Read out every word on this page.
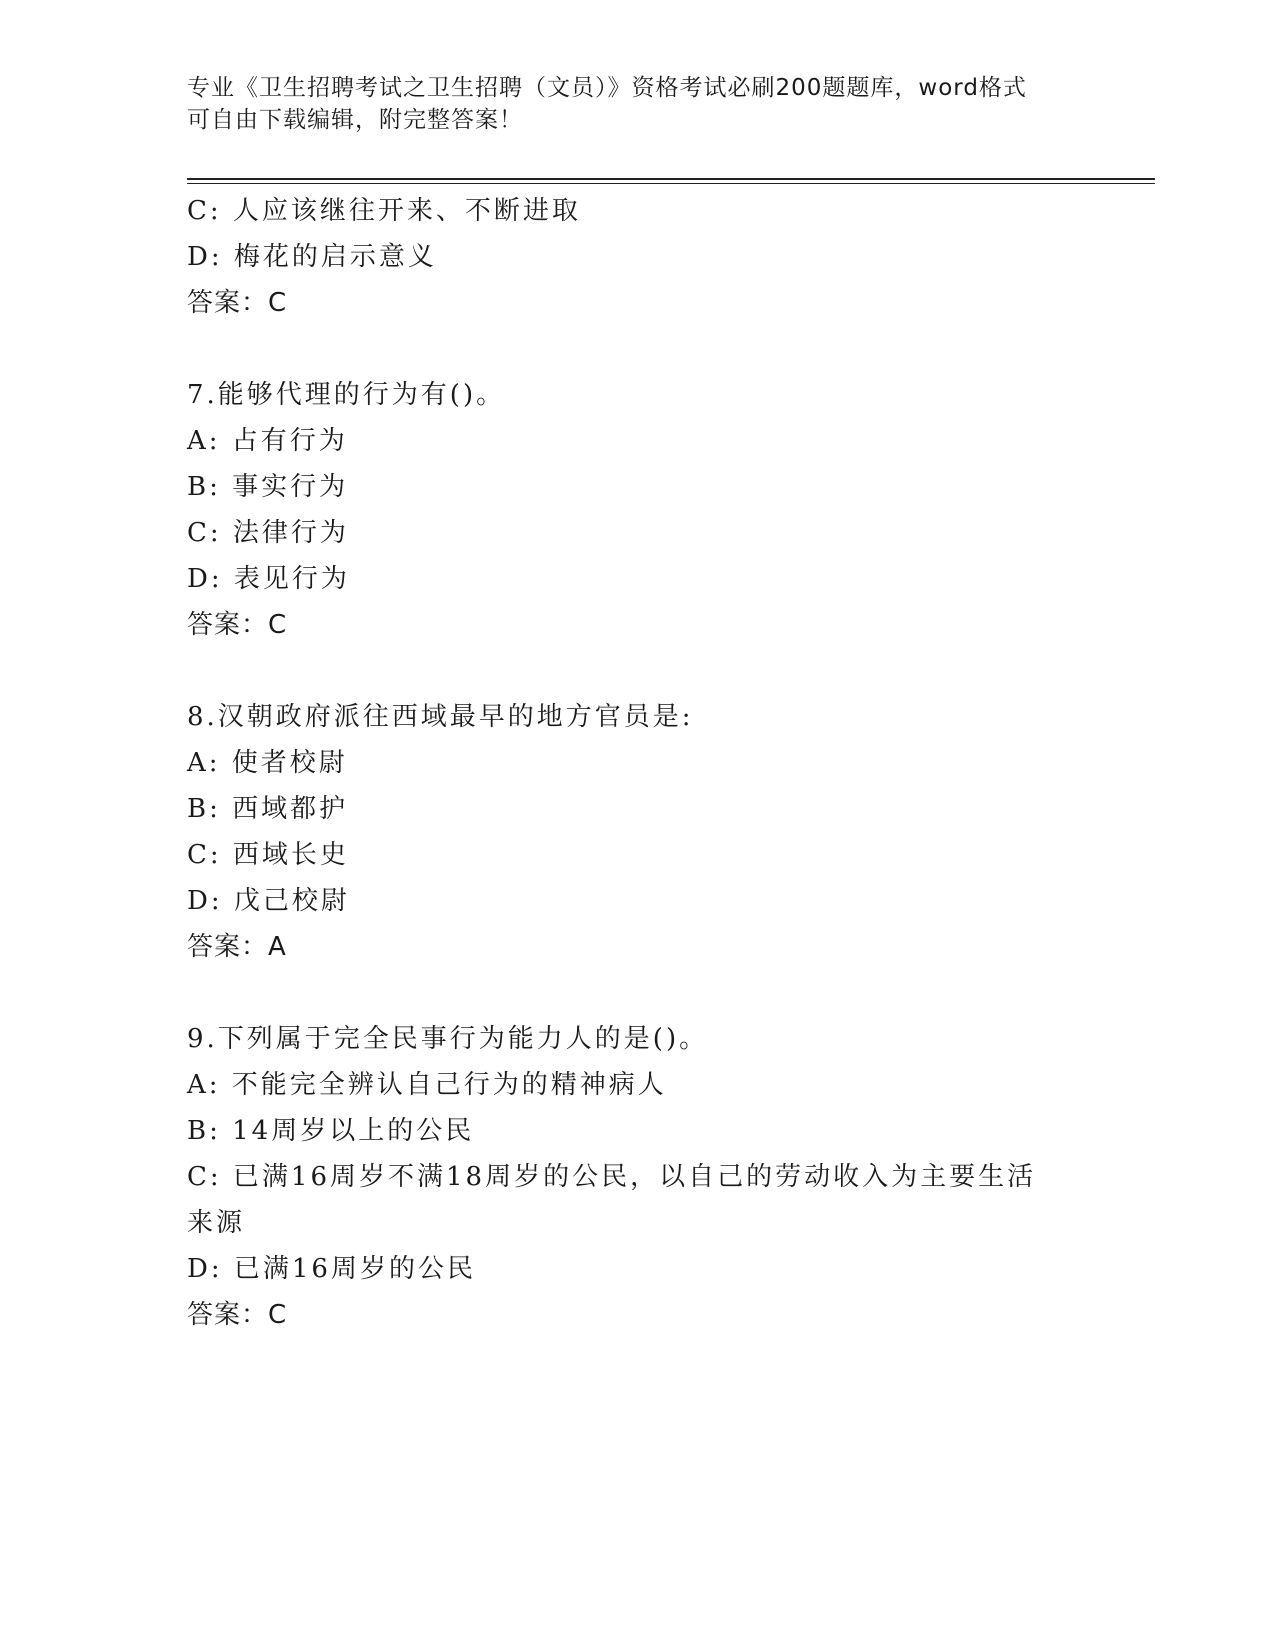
专业《卫生招聘考试之卫生招聘（文员）》资格考试必刷200题题库，word格式
可自由下载编辑，附完整答案！
C: 人应该继往开来、不断进取
D: 梅花的启示意义
答案：C
7.能够代理的行为有()。
A: 占有行为
B: 事实行为
C: 法律行为
D: 表见行为
答案：C
8.汉朝政府派往西域最早的地方官员是:
A: 使者校尉
B: 西域都护
C: 西域长史
D: 戊己校尉
答案：A
9.下列属于完全民事行为能力人的是()。
A: 不能完全辨认自己行为的精神病人
B: 14周岁以上的公民
C: 已满16周岁不满18周岁的公民，以自己的劳动收入为主要生活来源
D: 已满16周岁的公民
答案：C
